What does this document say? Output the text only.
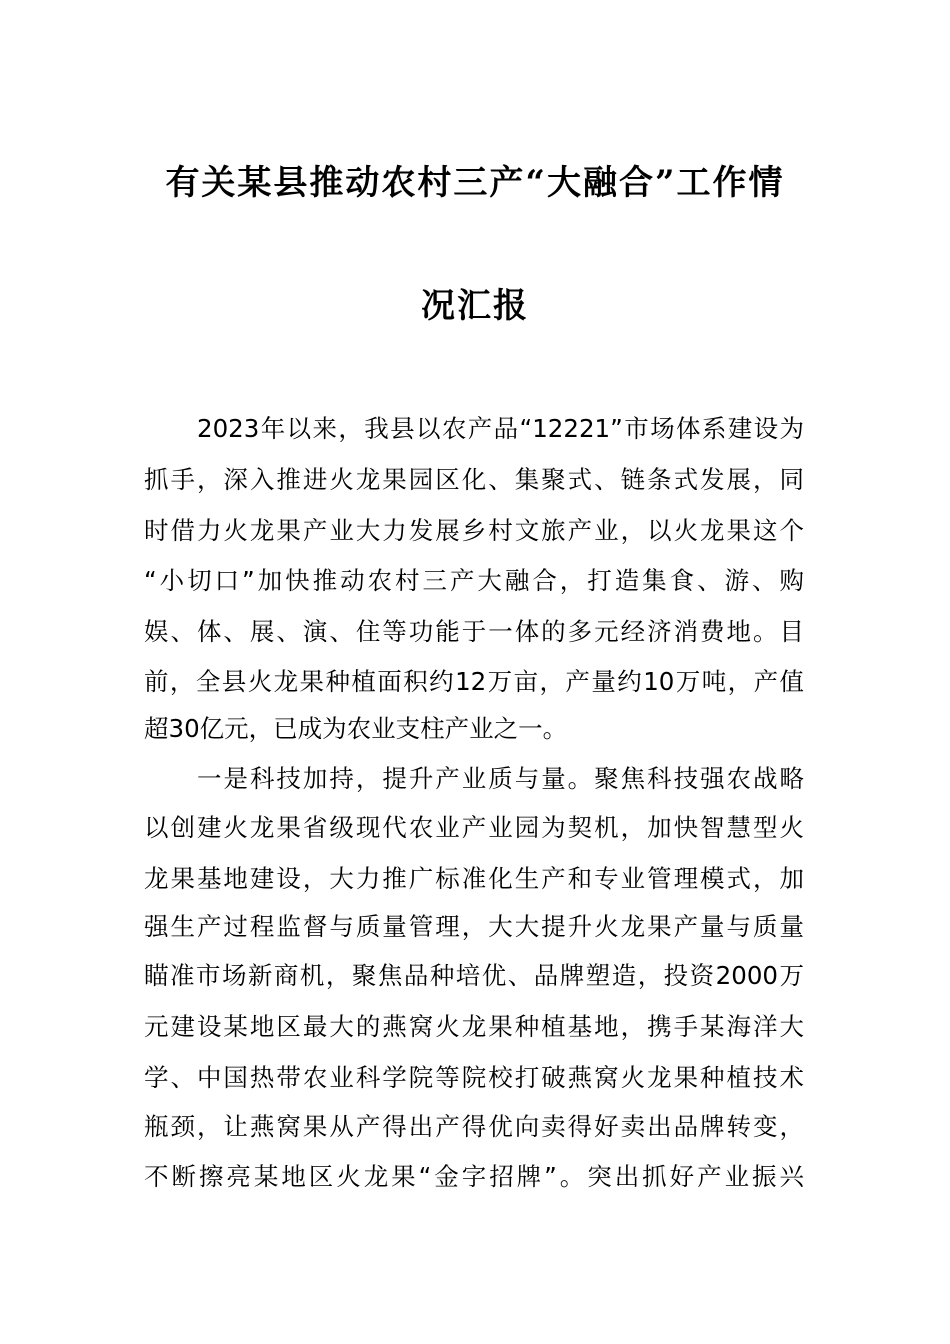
有关某县推动农村三产“大融合”工作情
况汇报
2023年以来，我县以农产品“12221”市场体系建设为
抓手，深入推进火龙果园区化、集聚式、链条式发展，同
时借力火龙果产业大力发展乡村文旅产业，以火龙果这个
“小切口”加快推动农村三产大融合，打造集食、游、购
娱、体、展、演、住等功能于一体的多元经济消费地。目
前，全县火龙果种植面积约12万亩，产量约10万吨，产值
超30亿元，已成为农业支柱产业之一。
一是科技加持，提升产业质与量。聚焦科技强农战略
以创建火龙果省级现代农业产业园为契机，加快智慧型火
龙果基地建设，大力推广标准化生产和专业管理模式，加
强生产过程监督与质量管理，大大提升火龙果产量与质量
瞄准市场新商机，聚焦品种培优、品牌塑造，投资2000万
元建设某地区最大的燕窝火龙果种植基地，携手某海洋大
学、中国热带农业科学院等院校打破燕窝火龙果种植技术
瓶颈，让燕窝果从产得出产得优向卖得好卖出品牌转变，
不断擦亮某地区火龙果“金字招牌”。突出抓好产业振兴
